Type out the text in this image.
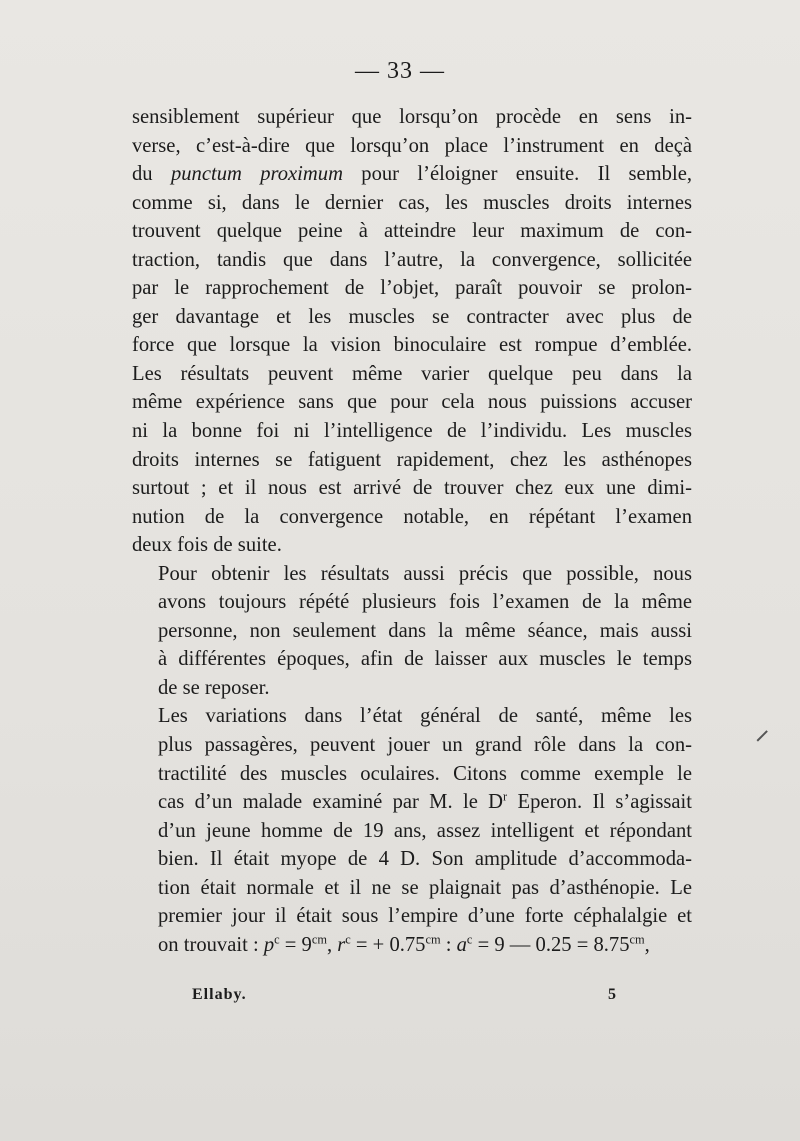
— 33 —

sensiblement supérieur que lorsqu’on procède en sens in-
verse, c’est-à-dire que lorsqu’on place l’instrument en deçà
du punctum proximum pour l’éloigner ensuite. Il semble,
comme si, dans le dernier cas, les muscles droits internes
trouvent quelque peine à atteindre leur maximum de con-
traction, tandis que dans l’autre, la convergence, sollicitée
par le rapprochement de l’objet, paraît pouvoir se prolon-
ger davantage et les muscles se contracter avec plus de
force que lorsque la vision binoculaire est rompue d’emblée.
Les résultats peuvent même varier quelque peu dans la
même expérience sans que pour cela nous puissions accuser
ni la bonne foi ni l’intelligence de l’individu. Les muscles
droits internes se fatiguent rapidement, chez les asthénopes
surtout ; et il nous est arrivé de trouver chez eux une dimi-
nution de la convergence notable, en répétant l’examen
deux fois de suite.

Pour obtenir les résultats aussi précis que possible, nous
avons toujours répété plusieurs fois l’examen de la même
personne, non seulement dans la même séance, mais aussi
à différentes époques, afin de laisser aux muscles le temps
de se reposer.

Les variations dans l’état général de santé, même les
plus passagères, peuvent jouer un grand rôle dans la con-
tractilité des muscles oculaires. Citons comme exemple le
cas d’un malade examiné par M. le $D^r$ Eperon. Il s’agissait
d’un jeune homme de 19 ans, assez intelligent et répondant
bien. Il était myope de 4 D. Son amplitude d’accommoda-
tion était normale et il ne se plaignait pas d’asthénopie. Le
premier jour il était sous l’empire d’une forte céphalalgie et
on trouvait : $p^c = 9^{cm}$, $r^c$ = + $0.75^{cm}$ : $a^c = 9$ — $0.25 = 8.75^{cm}$,

Ellaby.	5
